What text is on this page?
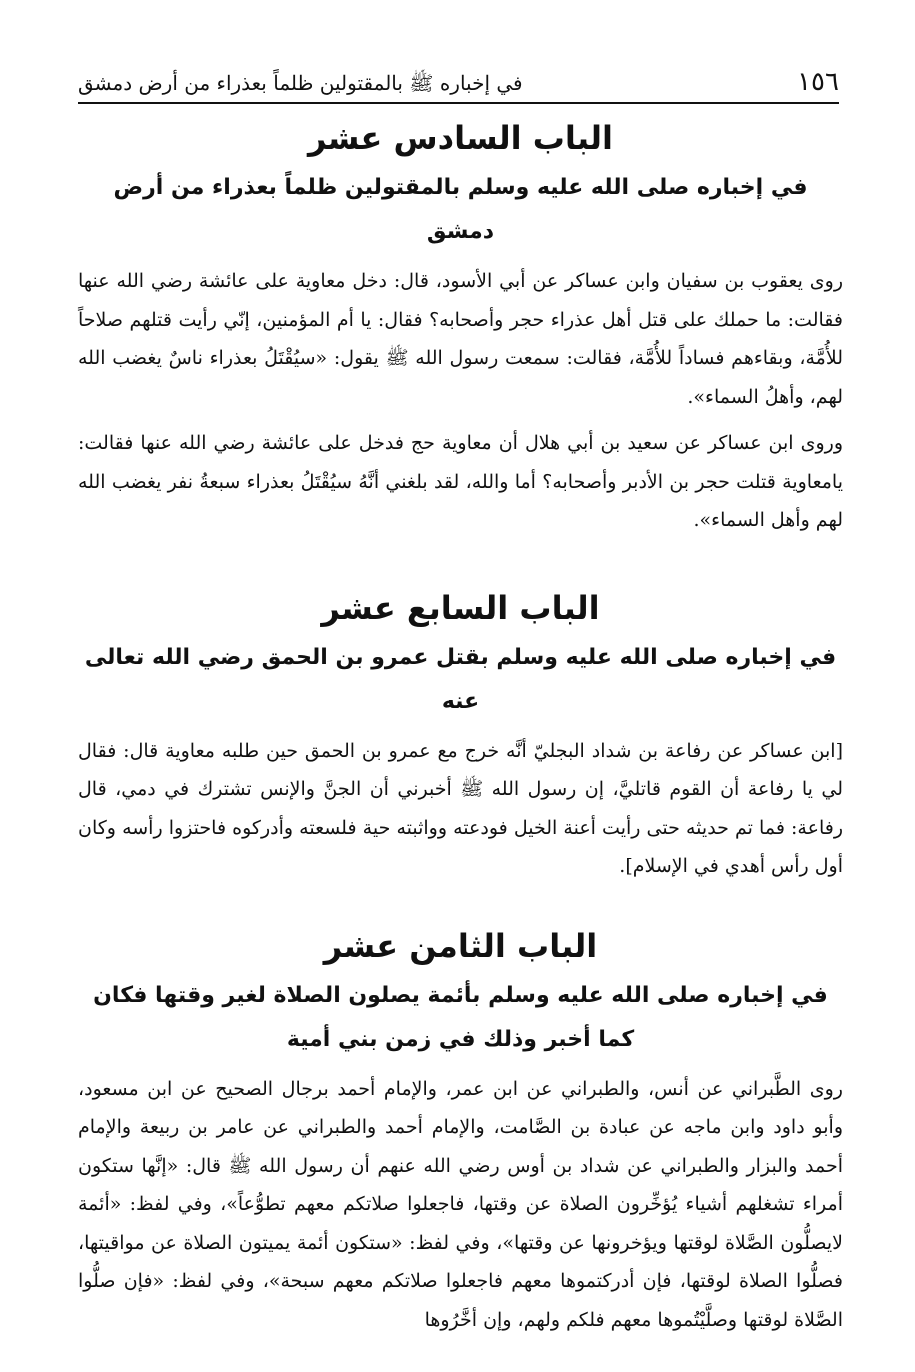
١٥٦
في إخباره ﷺ بالمقتولين ظلماً بعذراء من أرض دمشق
الباب السادس عشر
في إخباره صلى الله عليه وسلم بالمقتولين ظلماً بعذراء من أرض دمشق

روى يعقوب بن سفيان وابن عساكر عن أبي الأسود، قال: دخل معاوية على عائشة رضي الله عنها فقالت: ما حملك على قتل أهل عذراء حجر وأصحابه؟ فقال: يا أم المؤمنين، إنّي رأيت قتلهم صلاحاً للأُمَّة، وبقاءهم فساداً للأُمَّة، فقالت: سمعت رسول الله ﷺ يقول: «سيُقْتَلُ بعذراء ناسٌ يغضب الله لهم، وأهلُ السماء».

وروى ابن عساكر عن سعيد بن أبي هلال أن معاوية حج فدخل على عائشة رضي الله عنها فقالت: يامعاوية قتلت حجر بن الأدبر وأصحابه؟ أما والله، لقد بلغني أنَّهُ سيُقْتَلُ بعذراء سبعةُ نفر يغضب الله لهم وأهل السماء».

الباب السابع عشر
في إخباره صلى الله عليه وسلم بقتل عمرو بن الحمق رضي الله تعالى عنه

[ابن عساكر عن رفاعة بن شداد البجليّ أنَّه خرج مع عمرو بن الحمق حين طلبه معاوية قال: فقال لي يا رفاعة أن القوم قاتليَّ، إن رسول الله ﷺ أخبرني أن الجنَّ والإنس تشترك في دمي، قال رفاعة: فما تم حديثه حتى رأيت أعنة الخيل فودعته وواثبته حية فلسعته وأدركوه فاحتزوا رأسه وكان أول رأس أهدي في الإسلام].

الباب الثامن عشر
في إخباره صلى الله عليه وسلم بأئمة يصلون الصلاة لغير وقتها فكان
كما أخبر وذلك في زمن بني أمية

روى الطَّبراني عن أنس، والطبراني عن ابن عمر، والإمام أحمد برجال الصحيح عن ابن مسعود، وأبو داود وابن ماجه عن عبادة بن الصَّامت، والإمام أحمد والطبراني عن عامر بن ربيعة والإمام أحمد والبزار والطبراني عن شداد بن أوس رضي الله عنهم أن رسول الله ﷺ قال: «إنَّها ستكون أمراء تشغلهم أشياء يُؤخِّرون الصلاة عن وقتها، فاجعلوا صلاتكم معهم تطوُّعاً»، وفي لفظ: «أئمة لايصلُّون الصَّلاة لوقتها ويؤخرونها عن وقتها»، وفي لفظ: «ستكون أئمة يميتون الصلاة عن مواقيتها، فصلُّوا الصلاة لوقتها، فإن أدركتموها معهم فاجعلوا صلاتكم معهم سبحة»، وفي لفظ: «فإن صلُّوا الصَّلاة لوقتها وصلَّيْتُموها معهم فلكم ولهم، وإن أخَّرُوها
